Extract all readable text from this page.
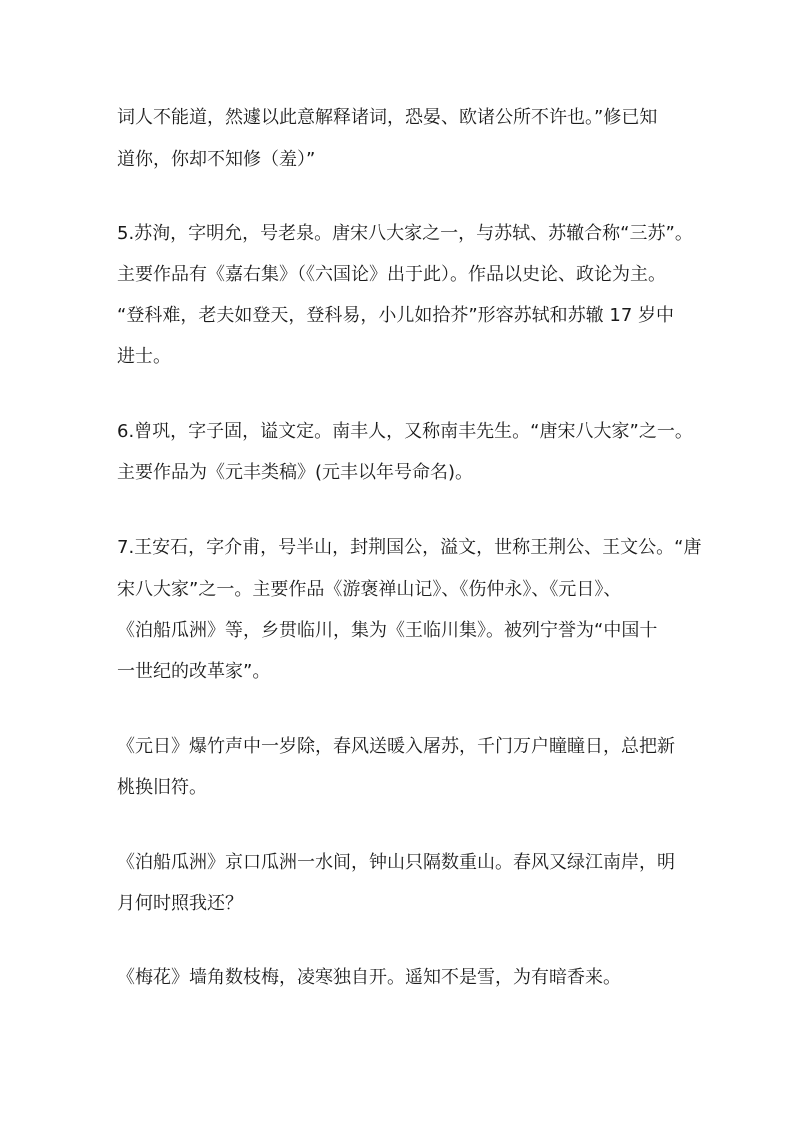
词人不能道，然遽以此意解释诸词，恐晏、欧诸公所不许也。”修已知
道你，你却不知修（羞）”
5.苏洵，字明允，号老泉。唐宋八大家之一，与苏轼、苏辙合称“三苏”。
主要作品有《嘉右集》（《六国论》出于此）。作品以史论、政论为主。
“登科难，老夫如登天，登科易，小儿如拾芥”形容苏轼和苏辙 17 岁中
进士。
6.曾巩，字子固，谥文定。南丰人，又称南丰先生。“唐宋八大家”之一。
主要作品为《元丰类稿》(元丰以年号命名)。
7.王安石，字介甫，号半山，封荆国公，溢文，世称王荆公、王文公。“唐
宋八大家”之一。主要作品《游褒禅山记》、《伤仲永》、《元日》、
《泊船瓜洲》等，乡贯临川，集为《王临川集》。被列宁誉为“中国十
一世纪的改革家”。
《元日》爆竹声中一岁除，春风送暖入屠苏，千门万户瞳瞳日，总把新
桃换旧符。
《泊船瓜洲》京口瓜洲一水间，钟山只隔数重山。春风又绿江南岸，明
月何时照我还？
《梅花》墙角数枝梅，凌寒独自开。遥知不是雪，为有暗香来。
